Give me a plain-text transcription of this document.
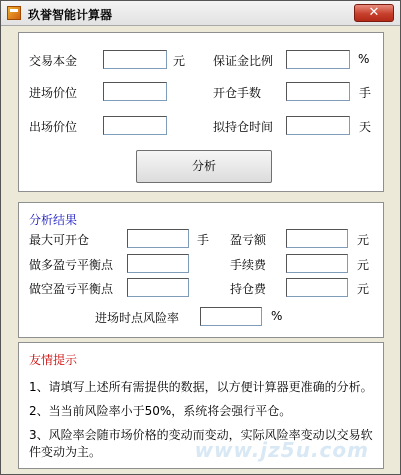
玖誉智能计算器	✕
交易本金	元 保证金比例	%
进场价位	开仓手数	手
出场价位	拟持仓时间	天
分析
分析结果
最大可开仓	手 盈亏额	元
做多盈亏平衡点	手续费	元
做空盈亏平衡点	持仓费	元
进场时点风险率	%
www.jz5u.com
友情提示
1、请填写上述所有需提供的数据，以方便计算器更准确的分析。
2、当当前风险率小于50%，系统将会强行平仓。
3、风险率会随市场价格的变动而变动，实际风险率变动以交易软件变动为主。
